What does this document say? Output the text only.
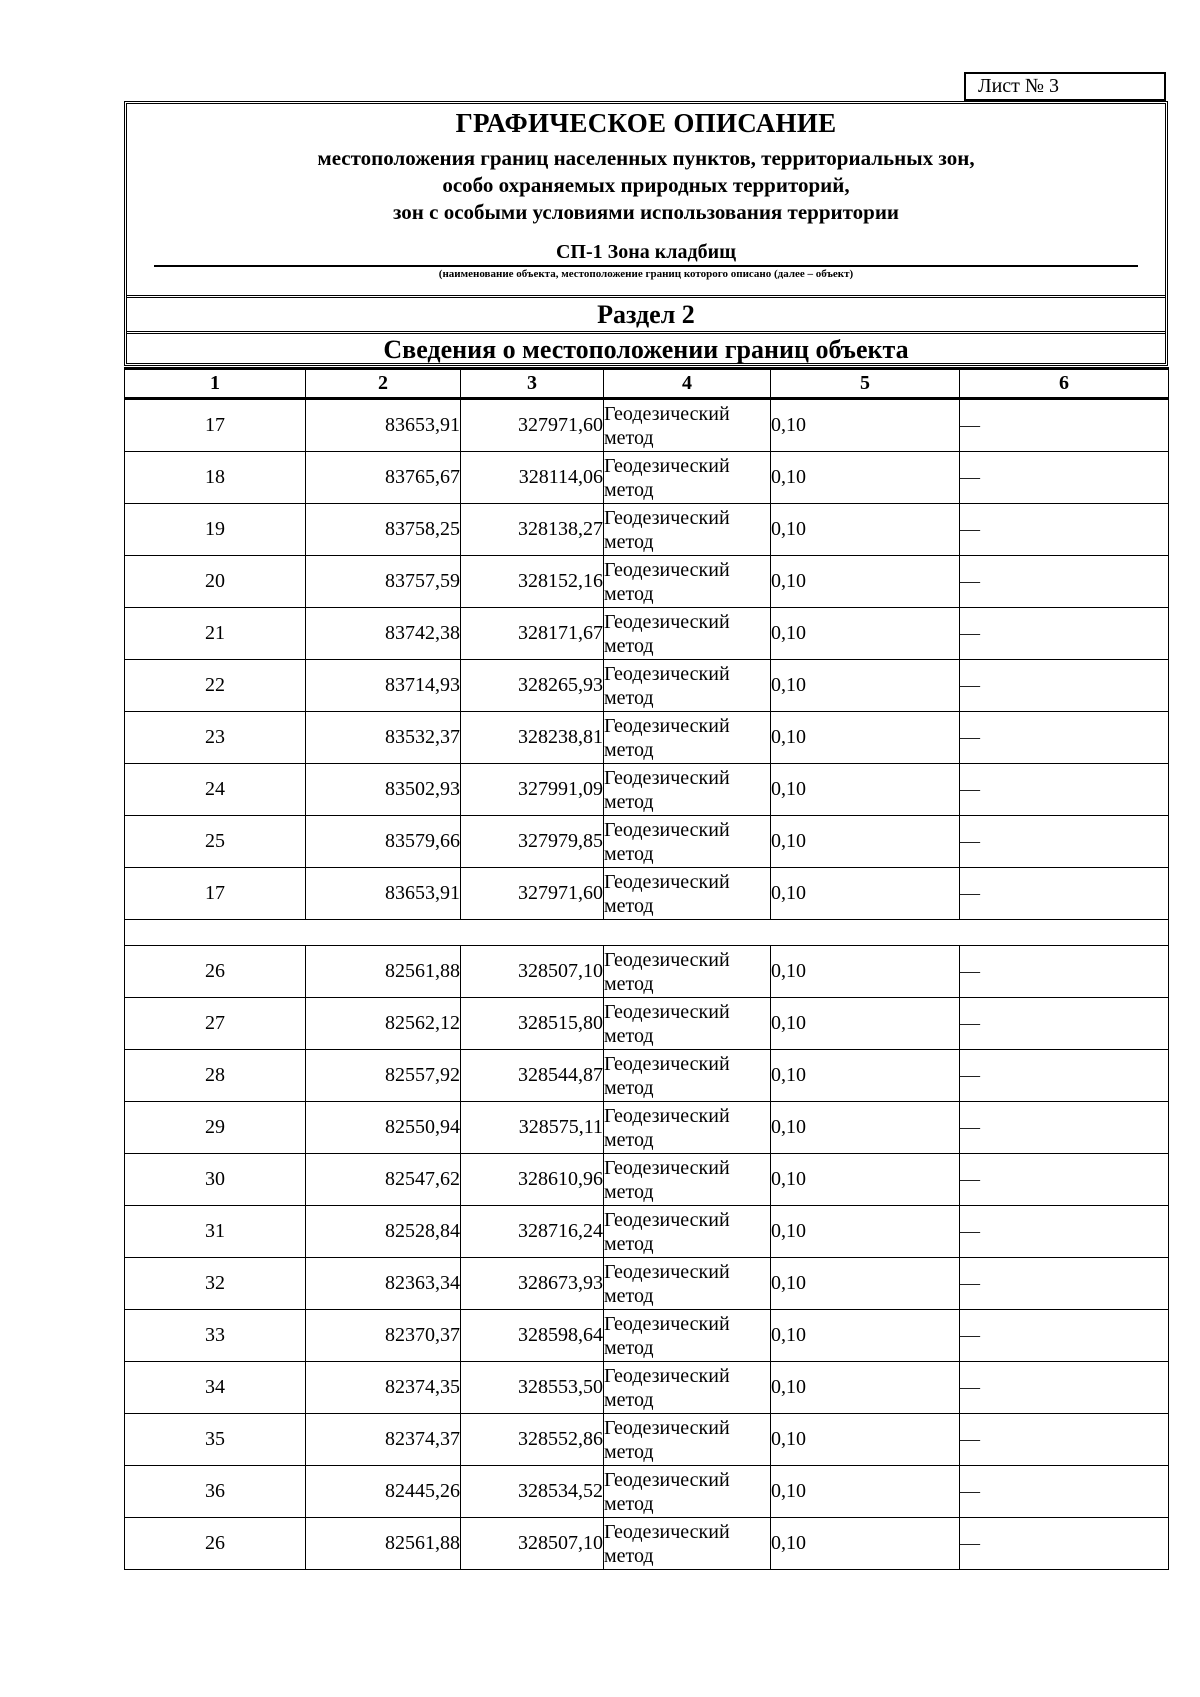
Лист № 3
ГРАФИЧЕСКОЕ ОПИСАНИЕ
местоположения границ населенных пунктов, территориальных зон,
особо охраняемых природных территорий,
зон с особыми условиями использования территории
СП-1 Зона кладбищ
(наименование объекта, местоположение границ которого описано (далее – объект)
Раздел 2
Сведения о местоположении границ объекта
1	2	3	4	5	6
17	83653,91	327971,60	Геодезический метод	0,10	—
18	83765,67	328114,06	Геодезический метод	0,10	—
19	83758,25	328138,27	Геодезический метод	0,10	—
20	83757,59	328152,16	Геодезический метод	0,10	—
21	83742,38	328171,67	Геодезический метод	0,10	—
22	83714,93	328265,93	Геодезический метод	0,10	—
23	83532,37	328238,81	Геодезический метод	0,10	—
24	83502,93	327991,09	Геодезический метод	0,10	—
25	83579,66	327979,85	Геодезический метод	0,10	—
17	83653,91	327971,60	Геодезический метод	0,10	—

26	82561,88	328507,10	Геодезический метод	0,10	—
27	82562,12	328515,80	Геодезический метод	0,10	—
28	82557,92	328544,87	Геодезический метод	0,10	—
29	82550,94	328575,11	Геодезический метод	0,10	—
30	82547,62	328610,96	Геодезический метод	0,10	—
31	82528,84	328716,24	Геодезический метод	0,10	—
32	82363,34	328673,93	Геодезический метод	0,10	—
33	82370,37	328598,64	Геодезический метод	0,10	—
34	82374,35	328553,50	Геодезический метод	0,10	—
35	82374,37	328552,86	Геодезический метод	0,10	—
36	82445,26	328534,52	Геодезический метод	0,10	—
26	82561,88	328507,10	Геодезический метод	0,10	—
